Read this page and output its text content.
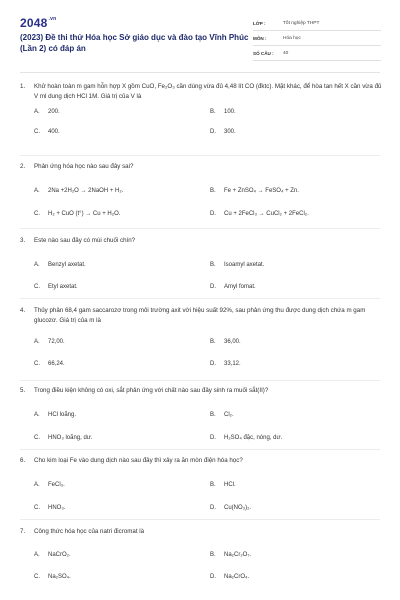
$2048^{.vn}$
(2023) Đề thi thử Hóa học Sở giáo dục và đào tạo Vĩnh Phúc (Lần 2) có đáp án
LỚP :	Tốt nghiệp THPT
MÔN :	Hóa học
SỐ CÂU :	40
1.	Khử hoàn toàn m gam hỗn hợp X gồm CuO, Fe₂O₃ cần dùng vừa đủ 4,48 lít CO (đktc). Mặt khác, để hòa tan hết X cần vừa đủ V ml dung dịch HCl 1M. Giá trị của V là
A. 200.	B. 100.
C. 400.	D. 300.
2.	Phản ứng hóa học nào sau đây sai?
A. 2Na +2H₂O → 2NaOH + H₂.	B. Fe + ZnSO₄ → FeSO₄ + Zn.
C. H₂ + CuO (t°) → Cu + H₂O.	D. Cu + 2FeCl₃ → CuCl₂ + 2FeCl₂.
3.	Este nào sau đây có mùi chuối chín?
A. Benzyl axetat.	B. Isoamyl axetat.
C. Etyl axetat.	D. Amyl fomat.
4.	Thủy phân 68,4 gam saccarozơ trong môi trường axit với hiệu suất 92%, sau phản ứng thu được dung dịch chứa m gam glucozơ. Giá trị của m là
A. 72,00.	B. 36,00.
C. 66,24.	D. 33,12.
5.	Trong điều kiện không có oxi, sắt phản ứng với chất nào sau đây sinh ra muối sắt(II)?
A. HCl loãng.	B. Cl₂.
C. HNO₃ loãng, dư.	D. H₂SO₄ đặc, nóng, dư.
6.	Cho kim loại Fe vào dung dịch nào sau đây thì xảy ra ăn mòn điện hóa học?
A. FeCl₃.	B. HCl.
C. HNO₃.	D. Cu(NO₃)₂.
7.	Công thức hóa học của natri đicromat là
A. NaCrO₂.	B. Na₂Cr₂O₇.
C. Na₂SO₄.	D. Na₂CrO₄.
